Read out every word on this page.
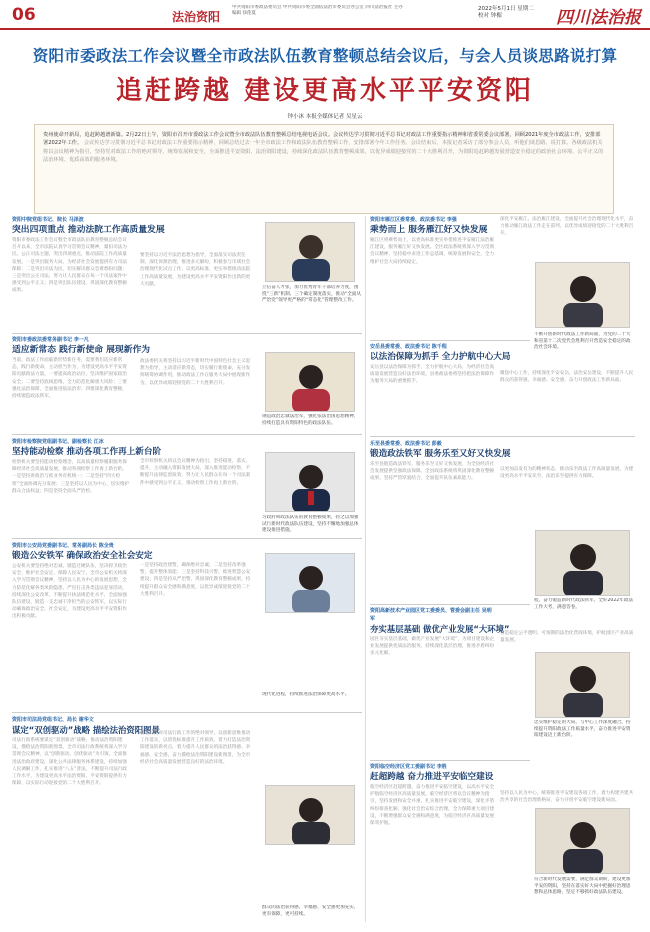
06	法治资阳
中共资阳市委政法委员会 中共资阳市委全面依法治市委员会办公室 四川法治报社 主办
编辑 徐莲夏
2022年5月1日 星期二
校对 钟楣	四川法治报
资阳市委政法工作会议暨全市政法队伍教育整顿总结会议后，与会人员谈思路说打算
追赶跨越 建设更高水平平安资阳
钟小沐 本报全媒体记者 吴星云
贵州使命开新局，追赶跨越谱新篇。2月22日上午，资阳市召开市委政法工作会议暨全市政法队伍教育整顿总结电视电话会议。会议传达学习贯彻习近平总书记对政法工作重要指示精神和省委常委会议部署，回顾2021年度全市政法工作，安排部署2022年工作。 会议传达学习贯彻习近平总书记对政法工作重要指示精神，回顾总结过去一年全市政法工作和政法队伍教育整顿工作，安排部署今年工作任务。会议结束后，本报记者采访了部分参会人员，听他们谈思路、说打算。各级政法机关将以会议精神为指引，坚持党对政法工作的绝对领导，统筹发展和安全，全面推进平安资阳、法治资阳建设，持续深化政法队伍教育整顿成果，以优异成绩迎接党的二十大胜利召开，为资阳追赶跨越发展营造安全稳定的政治社会环境、公平正义的法治环境、优质高效的服务环境。
资阳中院党组书记、院长 马泽波
突出四项重点 推动法院工作高质量发展
资阳市委政法工作会议暨全市政法队伍教育整顿总结会议召开以来，全市法院认真学习贯彻会议精神，紧扣司法为民、公正司法主题，突出四项重点，推动法院工作高质量发展。一是突出服务大局，为经济社会发展提供有力司法保障；二是突出司法为民，切实解决群众急难愁盼问题；三是突出公正司法，努力让人民群众在每一个司法案件中感受到公平正义；四是突出队伍建设，巩固深化教育整顿成果。
要坚持以习近平法治思想为指导，全面落实司法责任制，深化诉源治理，推进多元解纷，积极参与市域社会治理现代化试点工作，以更高标准、更实举措推动法院工作高质量发展，为建设更高水平平安资阳作出新的更大贡献。
立信奋人才张，加力优秀青年干部培养力度，围绕“三新”机制、三个确定制度落实，推动“全面从严治党”领导更严格的“常态化”管理整改工作。
资阳市委政法委常务副书记 李一凡
适应新常态 践行新使命 展现新作为
当前，政法工作面临新形势新任务，需要我们适应新常态，践行新使命，主动担当作为，为建设更高水平平安资阳贡献政法力量。一要提高政治站位，坚决维护国家政治安全；二要坚持底线思维，全力防范化解重大风险；三要强化法治保障，全面推进依法治市；四要深化教育整顿，持续锻造政法铁军。
政法委机关将坚持以习近平新时代中国特色社会主义思想为指导，主动适应新常态，切实履行新使命，充分发挥统筹协调作用，推动政法工作在服务大局中展现新作为，以优异成绩迎接党的二十大胜利召开。
钢造政治忠诚法治军，强化依法治国思想精神，持续打造具有资阳特色的政法队伍。
资阳市检察院党组副书记、副检察长 江冰
坚持能动检察 推动各项工作再上新台阶
检察机关要坚持能动检察理念，以高质量检察履职服务保障经济社会高质量发展，推动各项检察工作再上新台阶。一是坚持讲政治与抓业务有机统一；二是坚持“四大检察”全面协调充分发展；三是坚持以人民为中心，切实维护群众合法权益；四是坚持全面从严治检。
全市检察机关将以会议精神为指引，坚持稳进、落实、提升，主动融入资阳发展大局，深入推进能动检察，不断提升法律监督质效，努力让人民群众在每一个司法案件中感受到公平正义，推动检察工作再上新台阶。
习政府和政法队伍的教育整顿成果，持之以加强试行新时代政法队伍建设，坚持不懈地加强总体建设推进措施。
资阳市公安局党委副书记、常务副局长 陈全贵
锻造公安铁军 确保政治安全社会安定
公安机关要坚持绝对忠诚、锻造过硬队伍，坚决捍卫政治安全、维护社会安定、保障人民安宁。全市公安机关将深入学习贯彻会议精神，坚持以人民为中心的发展思想，全力防范化解各类风险隐患，严厉打击各类违法犯罪活动，持续深化公安改革，不断提升执法规范化水平，全面加强队伍建设，锻造一支忠诚干净担当的公安铁军，以实际行动确保政治安全、社会安定，为建设更高水平平安资阳作出积极贡献。
一是坚持政治建警，确保绝对忠诚；二是坚持改革强警，提升整体效能；三是坚持科技兴警，推进智慧公安建设；四是坚持从严治警，巩固深化教育整顿成果，持续提升群众安全感和满意度，以优异成绩迎接党的二十大胜利召开。
现代化进程，持续推进法治保障更高水平。
资阳市司法局党组书记、局长 谢华文
谋定“双创驱动”战略 描绘法治资阳图景
司法行政系统要谋定“双创驱动”战略，推动法治资阳建设，描绘法治资阳新图景。全市司法行政系统将深入学习贯彻会议精神，以“创新驱动、创优驱动”为引领，全面推进法治政府建设，深化公共法律服务体系建设，持续加强人民调解工作，扎实推进“八五”普法，不断提升司法行政工作水平，为建设更高水平法治资阳、平安资阳提供有力保障，以实际行动迎接党的二十大胜利召开。
要坚持党对司法行政工作的绝对领导，以创新思维推动工作落实，以创优标准提升工作质效，着力打造法治资阳建设的新亮点，着力提升人民群众的法治获得感、幸福感、安全感，奋力描绘法治资阳建设新图景，为全市经济社会高质量发展营造良好的法治环境。
群众的法治获得感、幸福感、安全感更加充实，更有保障，更可持续。
资阳市雁江区委常委、政法委书记 李强
乘势而上 服务雁江好又快发展
雁江区将乘势而上，以更高标准更实举措推进平安雁江法治雁江建设，服务雁江好又快发展。全区政法系统将深入学习贯彻会议精神，坚持稳中求进工作总基调，统筹发展和安全，全力维护社会大局持续稳定。
深化平安雁江、法治雁江建设，全面提升社会治理现代化水平，奋力推动雁江政法工作走在前列，以优异成绩迎接党的二十大胜利召开。
不断开创新时代政法工作新局面，为党的二十大和省第十二次党代会胜利召开营造安全稳定的政治社会环境。
安岳县委常委、政法委书记 陈千程
以法治保障为抓手 全力护航中心大局
安岳县以法治保障为抓手，全力护航中心大局，为经济社会高质量发展营造良好法治环境。县委政法委将坚持把法治保障作为服务大局的重要抓手。
聚焦中心工作，持续深化平安安岳、法治安岳建设，不断提升人民群众的获得感、幸福感、安全感，奋力开创政法工作新局面。
乐至县委常委、政法委书记 彭毅
锻造政法铁军 服务乐至又好又快发展
乐至县锻造政法铁军，服务乐至又好又快发展，为全县经济社会发展提供坚强政法保障。全县政法系统将巩固深化教育整顿成果，坚持严管厚爱结合，全面提升队伍素质能力。
以更加奋发有为的精神状态，推动乐至政法工作高质量发展，为建设更高水平平安乐至、法治乐至提供有力保障。
程，奋力锻造新时代政法铁军，全好2022年政法工作大考，满意答卷。
资阳高新技术产业园区党工委委员、管委会副主任 吴明军
夯实基层基础 做优产业发展“大环境”
园区夯实基层基础，做优产业发展“大环境”，为项目建设和企业发展提供优质法治服务。持续深化基层治理，推进矛盾纠纷多元化解。
营造稳定公平透明、可预期的法治化营商环境，护航园区产业高质量发展。
忠实维护稳定的大局，与中心工作深度融合，持续提升资阳政法工作质量水平，奋力推进平安资阳建设迈上新台阶。
资阳临空经济区党工委副书记 李胜
赶超跨越 奋力推进平安临空建设
临空经济区赶超跨越，奋力推进平安临空建设，以高水平安全护航临空经济区高质量发展。临空经济区将以会议精神为指引，坚持发展和安全并重，扎实推进平安临空建设，深化矛盾纠纷排查化解，强化社会治安综合治理，全力保障重大项目建设，不断增强群众安全感和满意度，为临空经济区高质量发展保驾护航。
坚持以人民为中心，统筹推进平安建设各项工作，着力构建共建共治共享的社会治理新格局，奋力开创平安临空建设新局面。
符合新时代发展需要，满足群众期盼，建设更加平安的资阳，坚持在落实好大局中把握好治理思想和总体思路，坚定不移抓好政法队伍建设。
